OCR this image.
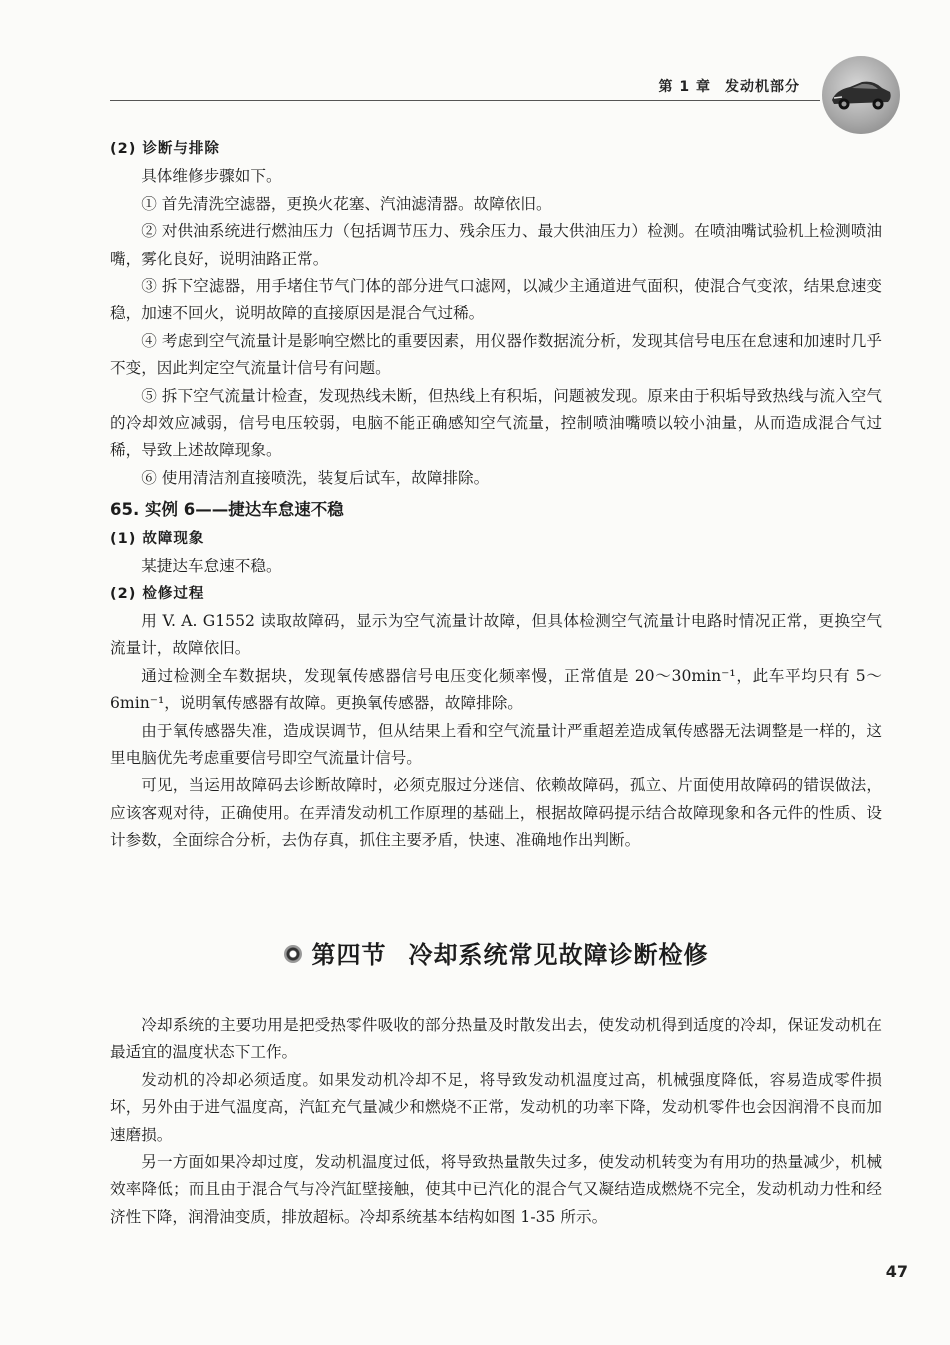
第 1 章 发动机部分

(2) 诊断与排除

具体维修步骤如下。

① 首先清洗空滤器，更换火花塞、汽油滤清器。故障依旧。

② 对供油系统进行燃油压力（包括调节压力、残余压力、最大供油压力）检测。在喷油嘴试验机上检测喷油嘴，雾化良好，说明油路正常。

③ 拆下空滤器，用手堵住节气门体的部分进气口滤网，以减少主通道进气面积，使混合气变浓，结果怠速变稳，加速不回火，说明故障的直接原因是混合气过稀。

④ 考虑到空气流量计是影响空燃比的重要因素，用仪器作数据流分析，发现其信号电压在怠速和加速时几乎不变，因此判定空气流量计信号有问题。

⑤ 拆下空气流量计检查，发现热线未断，但热线上有积垢，问题被发现。原来由于积垢导致热线与流入空气的冷却效应减弱，信号电压较弱，电脑不能正确感知空气流量，控制喷油嘴喷以较小油量，从而造成混合气过稀，导致上述故障现象。

⑥ 使用清洁剂直接喷洗，装复后试车，故障排除。

65. 实例 6——捷达车怠速不稳

(1) 故障现象

某捷达车怠速不稳。

(2) 检修过程

用 V. A. G1552 读取故障码，显示为空气流量计故障，但具体检测空气流量计电路时情况正常，更换空气流量计，故障依旧。

通过检测全车数据块，发现氧传感器信号电压变化频率慢，正常值是 20～30min⁻¹，此车平均只有 5～6min⁻¹，说明氧传感器有故障。更换氧传感器，故障排除。

由于氧传感器失准，造成误调节，但从结果上看和空气流量计严重超差造成氧传感器无法调整是一样的，这里电脑优先考虑重要信号即空气流量计信号。

可见，当运用故障码去诊断故障时，必须克服过分迷信、依赖故障码，孤立、片面使用故障码的错误做法，应该客观对待，正确使用。在弄清发动机工作原理的基础上，根据故障码提示结合故障现象和各元件的性质、设计参数，全面综合分析，去伪存真，抓住主要矛盾，快速、准确地作出判断。

第四节 冷却系统常见故障诊断检修

冷却系统的主要功用是把受热零件吸收的部分热量及时散发出去，使发动机得到适度的冷却，保证发动机在最适宜的温度状态下工作。

发动机的冷却必须适度。如果发动机冷却不足，将导致发动机温度过高，机械强度降低，容易造成零件损坏，另外由于进气温度高，汽缸充气量减少和燃烧不正常，发动机的功率下降，发动机零件也会因润滑不良而加速磨损。

另一方面如果冷却过度，发动机温度过低，将导致热量散失过多，使发动机转变为有用功的热量减少，机械效率降低；而且由于混合气与冷汽缸壁接触，使其中已汽化的混合气又凝结造成燃烧不完全，发动机动力性和经济性下降，润滑油变质，排放超标。冷却系统基本结构如图 1-35 所示。

47
